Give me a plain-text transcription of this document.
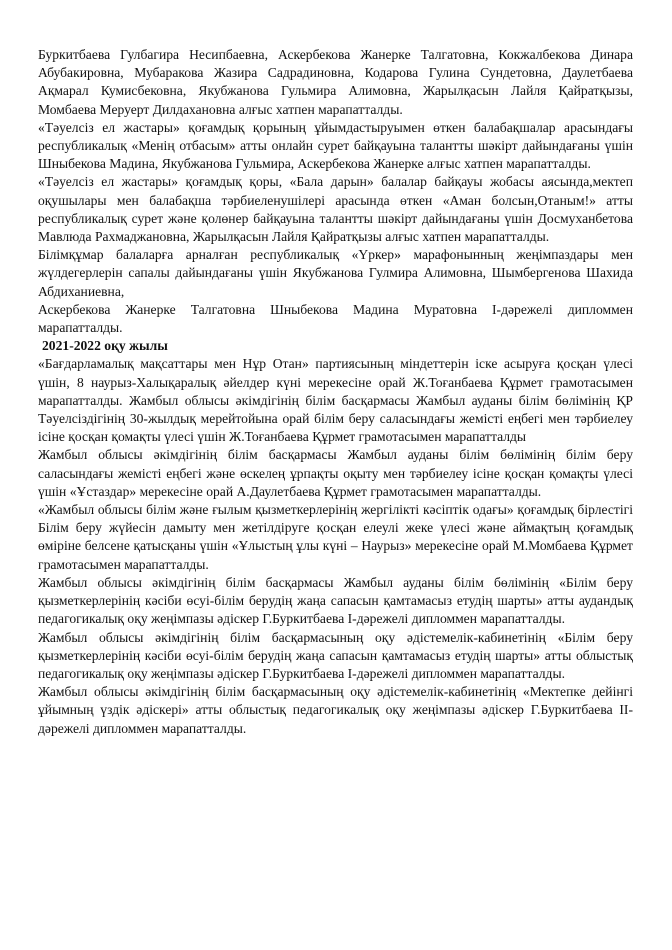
Буркитбаева Гулбагира Несипбаевна, Аскербекова Жанерке Талгатовна, Кокжалбекова Динара Абубакировна, Мубаракова Жазира Садрадиновна, Кодарова Гулина Сундетовна, Даулетбаева Ақмарал Кумисбековна, Якубжанова Гульмира Алимовна, Жарылқасын Лайля Қайратқызы, Момбаева Меруерт Дилдахановна алғыс хатпен марапатталды.

«Тәуелсіз ел жастары» қоғамдық қорының ұйымдастыруымен өткен балабақшалар арасындағы республикалық «Менің отбасым» атты онлайн сурет байқауына талантты шәкірт дайындағаны үшін Шныбекова Мадина, Якубжанова Гульмира, Аскербекова Жанерке алғыс хатпен марапатталды.

«Тәуелсіз ел жастары» қоғамдық қоры, «Бала дарын» балалар байқауы жобасы аясында,мектеп оқушылары мен балабақша тәрбиеленушілері арасында өткен «Аман болсын,Отаным!» атты республикалық сурет және қолөнер байқауына талантты шәкірт дайындағаны үшін Досмуханбетова Мавлюда Рахмаджановна, Жарылқасын Лайля Қайратқызы алғыс хатпен марапатталды.

Білімқұмар балаларға арналған республикалық «Үркер» марафонынның жеңімпаздары мен жүлдегерлерін сапалы дайындағаны үшін Якубжанова Гулмира Алимовна, Шымбергенова Шахида Абдиханиевна,

Аскербекова Жанерке Талгатовна Шныбекова Мадина Муратовна І-дәрежелі дипломмен марапатталды.

2021-2022 оқу жылы

«Бағдарламалық мақсаттары мен Нұр Отан» партиясының міндеттерін іске асыруға қосқан үлесі үшін, 8 наурыз-Халықаралық әйелдер күні мерекесіне орай Ж.Тоғанбаева Құрмет грамотасымен марапатталды. Жамбыл облысы әкімдігінің білім басқармасы Жамбыл ауданы білім бөлімінің ҚР Тәуелсіздігінің 30-жылдық мерейтойына орай білім беру саласындағы жемісті еңбегі мен тәрбиелеу ісіне қосқан қомақты үлесі үшін Ж.Тоғанбаева Құрмет грамотасымен марапатталды

Жамбыл облысы әкімдігінің білім басқармасы Жамбыл ауданы білім бөлімінің білім беру саласындағы жемісті еңбегі және өскелең ұрпақты оқыту мен тәрбиелеу ісіне қосқан қомақты үлесі үшін «Ұстаздар» мерекесіне орай А.Даулетбаева Құрмет грамотасымен марапатталды.

«Жамбыл облысы білім және ғылым қызметкерлерінің жергілікті кәсіптік одағы» қоғамдық бірлестігі Білім беру жүйесін дамыту мен жетілдіруге қосқан елеулі жеке үлесі және аймақтың қоғамдық өміріне белсене қатысқаны үшін «Ұлыстың ұлы күні – Наурыз» мерекесіне орай М.Момбаева Құрмет грамотасымен марапатталды.

Жамбыл облысы әкімдігінің білім басқармасы Жамбыл ауданы білім бөлімінің «Білім беру қызметкерлерінің кәсіби өсуі-білім берудің жаңа сапасын қамтамасыз етудің шарты» атты аудандық педагогикалық оқу жеңімпазы әдіскер Г.Буркитбаева І-дәрежелі дипломмен марапатталды.

Жамбыл облысы әкімдігінің білім басқармасының оқу әдістемелік-кабинетінің «Білім беру қызметкерлерінің кәсіби өсуі-білім берудің жаңа сапасын қамтамасыз етудің шарты» атты облыстық педагогикалық оқу жеңімпазы әдіскер Г.Буркитбаева І-дәрежелі дипломмен марапатталды.

Жамбыл облысы әкімдігінің білім басқармасының оқу әдістемелік-кабинетінің «Мектепке дейінгі ұйымның үздік әдіскері» атты облыстық педагогикалық оқу жеңімпазы әдіскер Г.Буркитбаева ІІ-дәрежелі дипломмен марапатталды.
